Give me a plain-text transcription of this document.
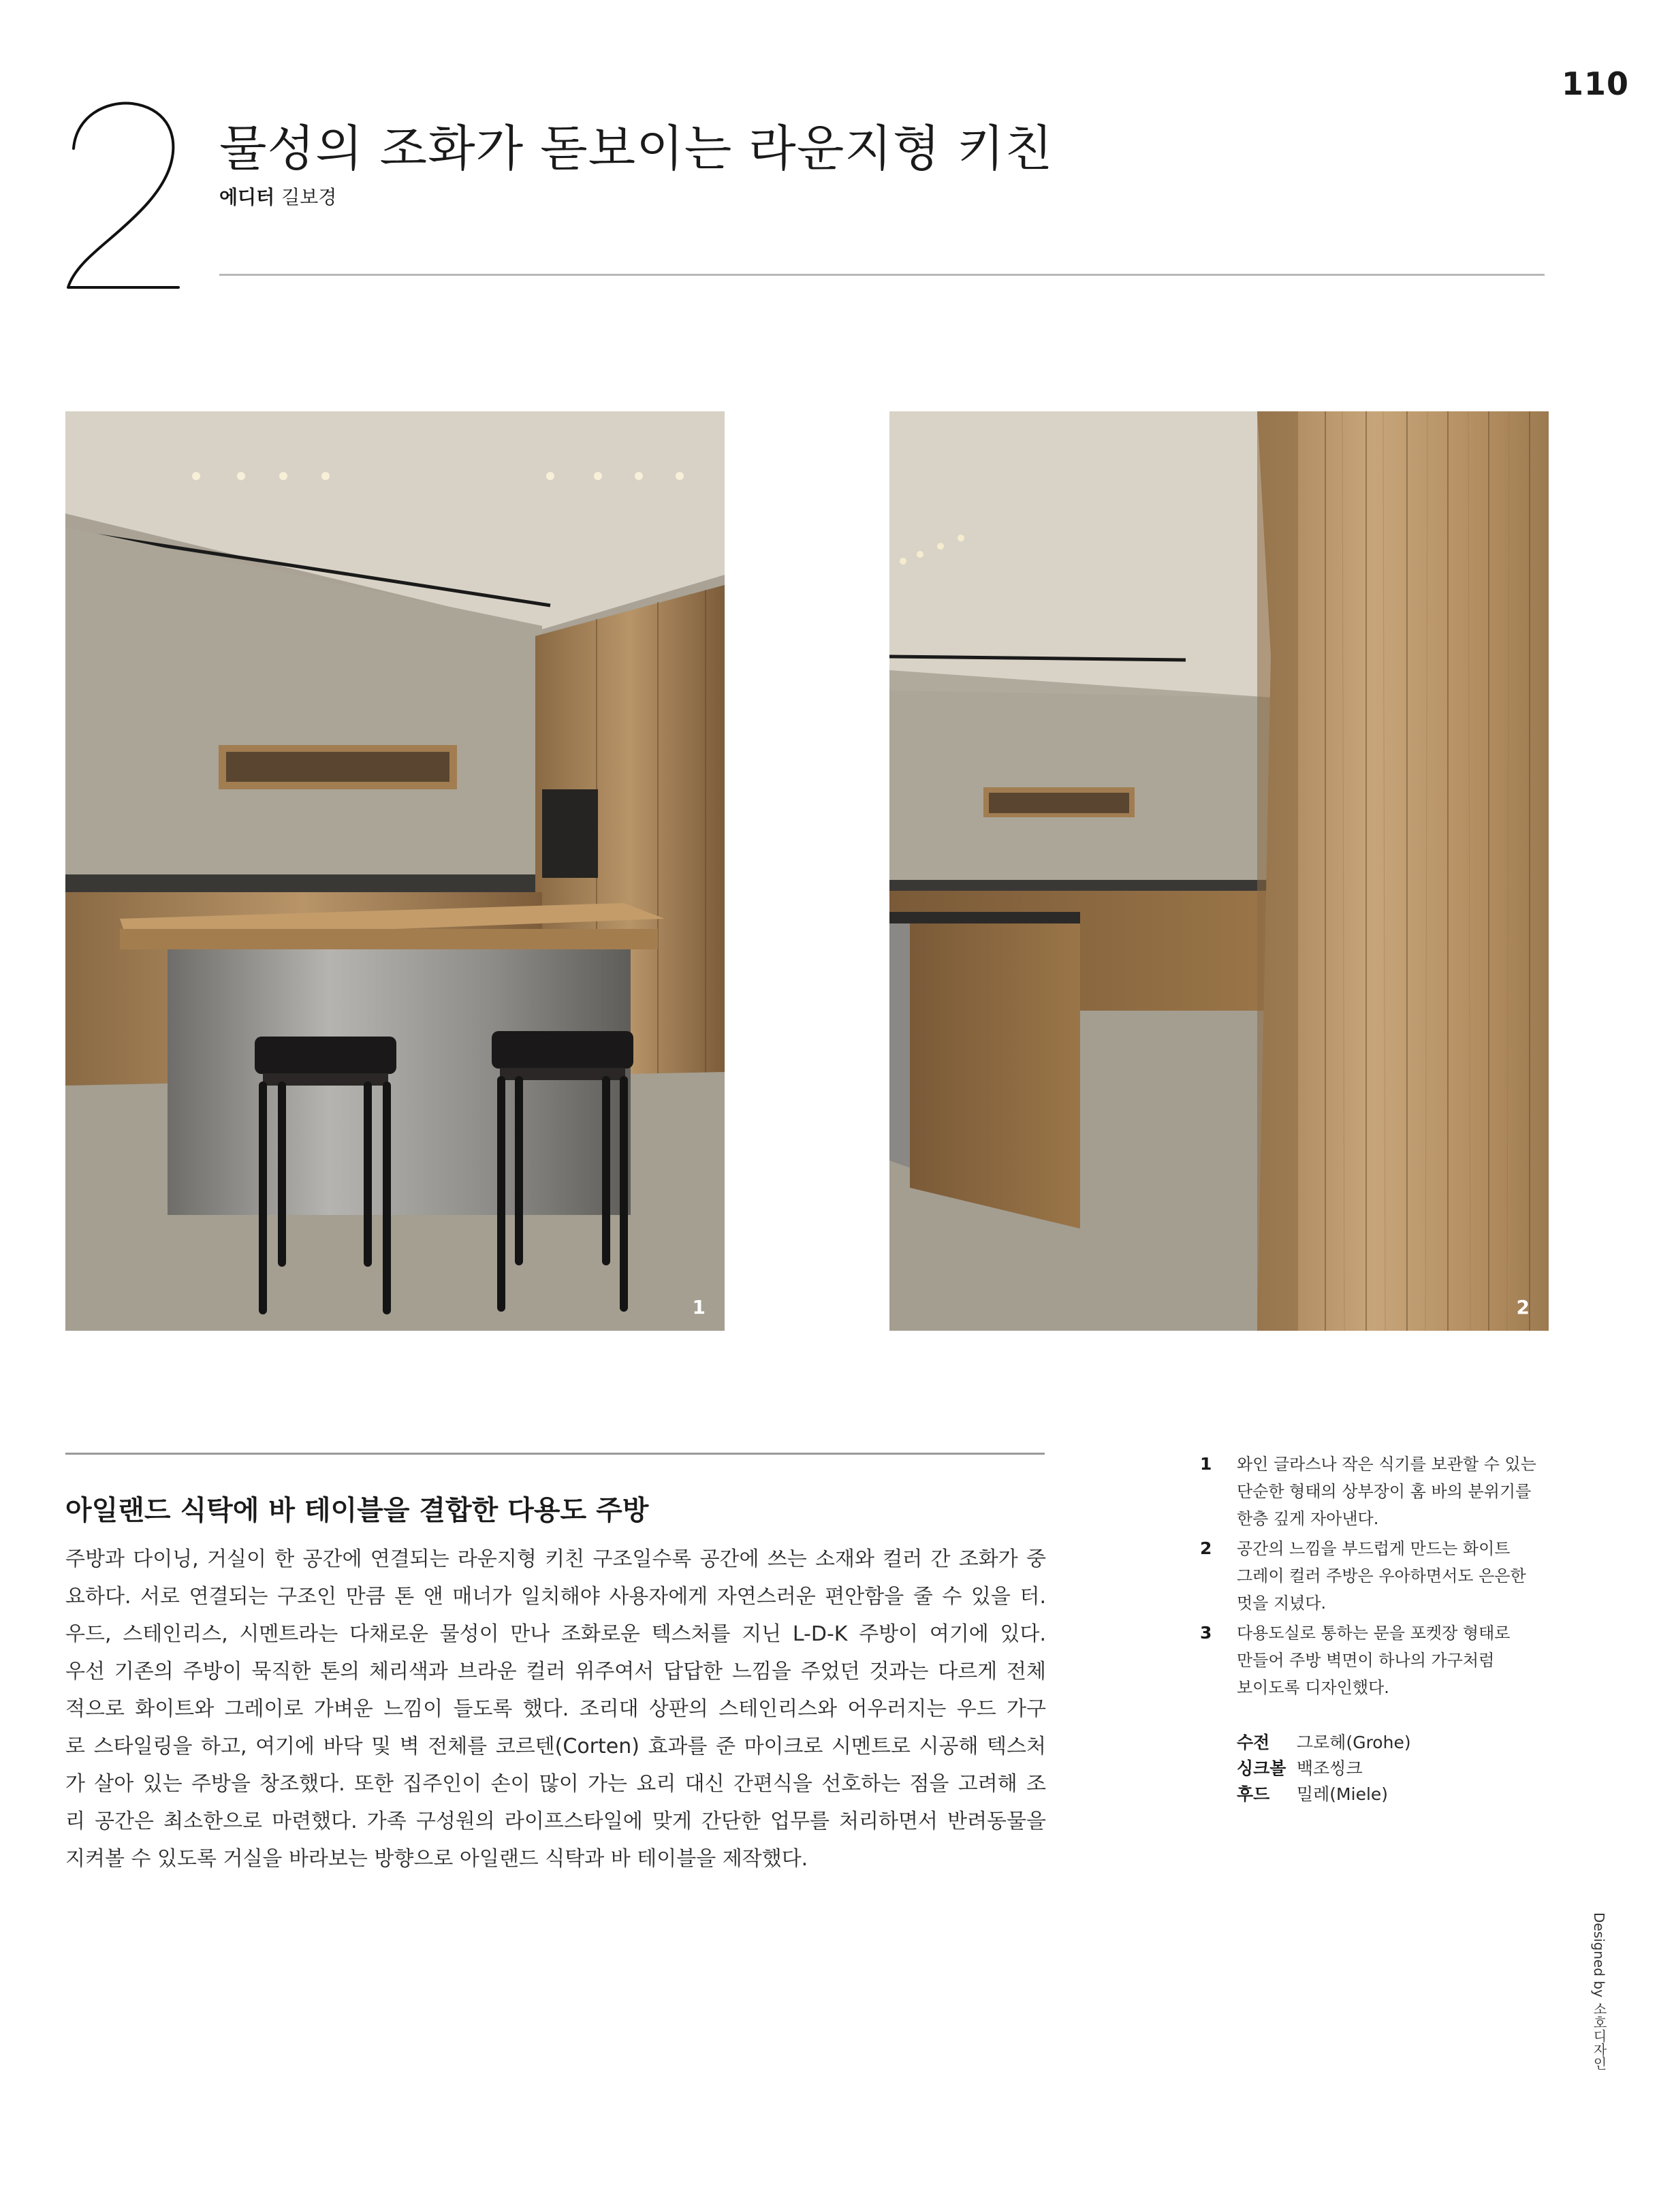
110
물성의 조화가 돋보이는 라운지형 키친
에디터 길보경
1	2
아일랜드 식탁에 바 테이블을 결합한 다용도 주방

주방과 다이닝, 거실이 한 공간에 연결되는 라운지형 키친 구조일수록 공간에 쓰는 소재와 컬러 간 조화가 중

요하다. 서로 연결되는 구조인 만큼 톤 앤 매너가 일치해야 사용자에게 자연스러운 편안함을 줄 수 있을 터.

우드, 스테인리스, 시멘트라는 다채로운 물성이 만나 조화로운 텍스처를 지닌 L-D-K 주방이 여기에 있다.

우선 기존의 주방이 묵직한 톤의 체리색과 브라운 컬러 위주여서 답답한 느낌을 주었던 것과는 다르게 전체

적으로 화이트와 그레이로 가벼운 느낌이 들도록 했다. 조리대 상판의 스테인리스와 어우러지는 우드 가구

로 스타일링을 하고, 여기에 바닥 및 벽 전체를 코르텐(Corten) 효과를 준 마이크로 시멘트로 시공해 텍스처

가 살아 있는 주방을 창조했다. 또한 집주인이 손이 많이 가는 요리 대신 간편식을 선호하는 점을 고려해 조

리 공간은 최소한으로 마련했다. 가족 구성원의 라이프스타일에 맞게 간단한 업무를 처리하면서 반려동물을

지켜볼 수 있도록 거실을 바라보는 방향으로 아일랜드 식탁과 바 테이블을 제작했다.

1	와인 글라스나 작은 식기를 보관할 수 있는
단순한 형태의 상부장이 홈 바의 분위기를
한층 깊게 자아낸다.
2	공간의 느낌을 부드럽게 만드는 화이트
그레이 컬러 주방은 우아하면서도 은은한
멋을 지녔다.
3	다용도실로 통하는 문을 포켓장 형태로
만들어 주방 벽면이 하나의 가구처럼
보이도록 디자인했다.
수전	그로헤(Grohe)
싱크볼 백조씽크
후드	밀레(Miele)
Designed by 소호디자인
